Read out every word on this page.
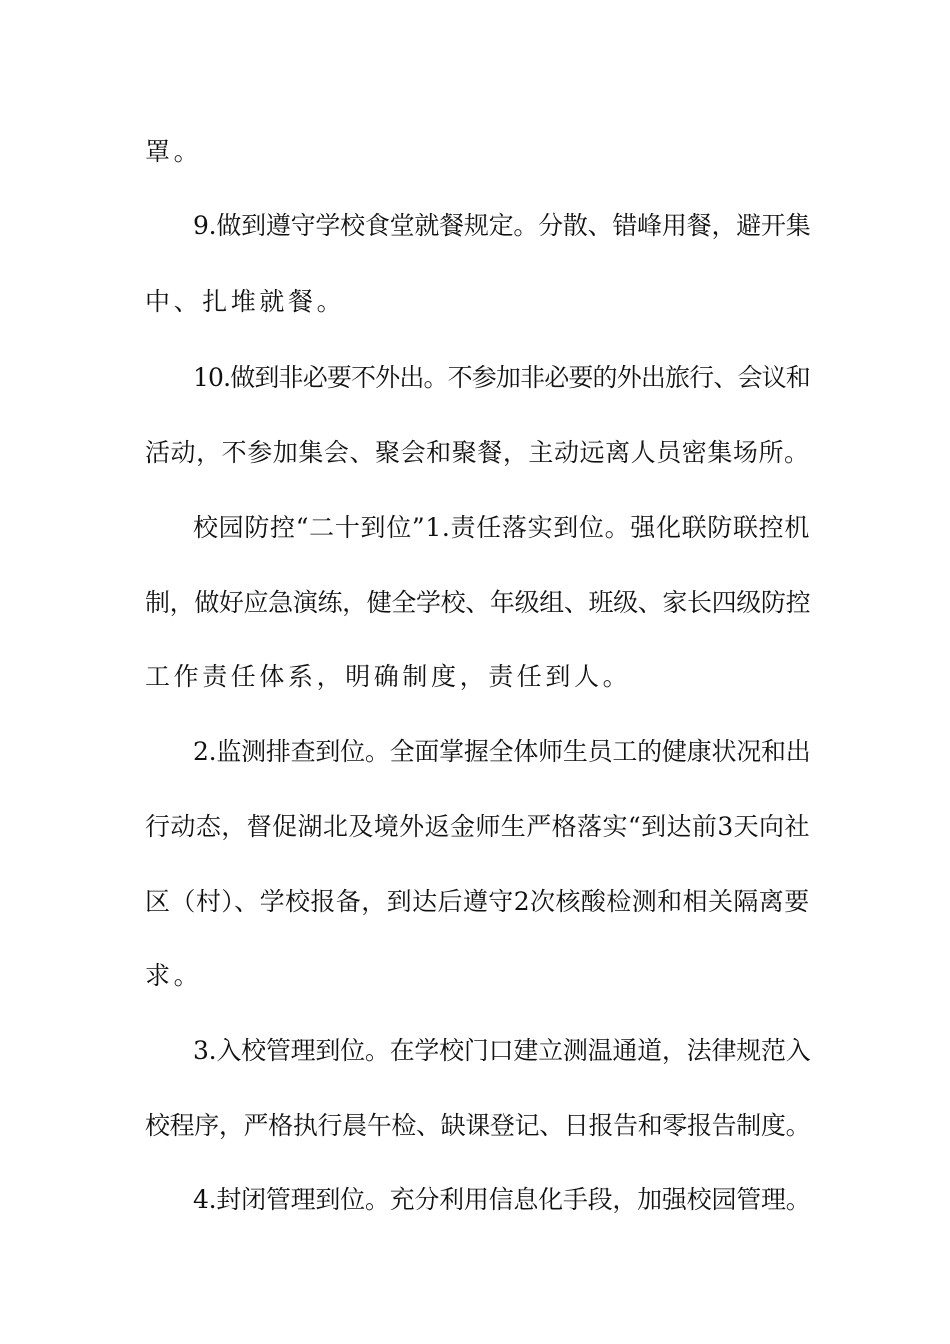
罩。
9.做到遵守学校食堂就餐规定。分散、错峰用餐，避开集
中、扎堆就餐。
10.做到非必要不外出。不参加非必要的外出旅行、会议和
活动，不参加集会、聚会和聚餐，主动远离人员密集场所。
校园防控“二十到位”1.责任落实到位。强化联防联控机
制，做好应急演练，健全学校、年级组、班级、家长四级防控
工作责任体系，明确制度，责任到人。
2.监测排查到位。全面掌握全体师生员工的健康状况和出
行动态，督促湖北及境外返金师生严格落实“到达前3天向社
区（村）、学校报备，到达后遵守2次核酸检测和相关隔离要
求。
3.入校管理到位。在学校门口建立测温通道，法律规范入
校程序，严格执行晨午检、缺课登记、日报告和零报告制度。
4.封闭管理到位。充分利用信息化手段，加强校园管理。
